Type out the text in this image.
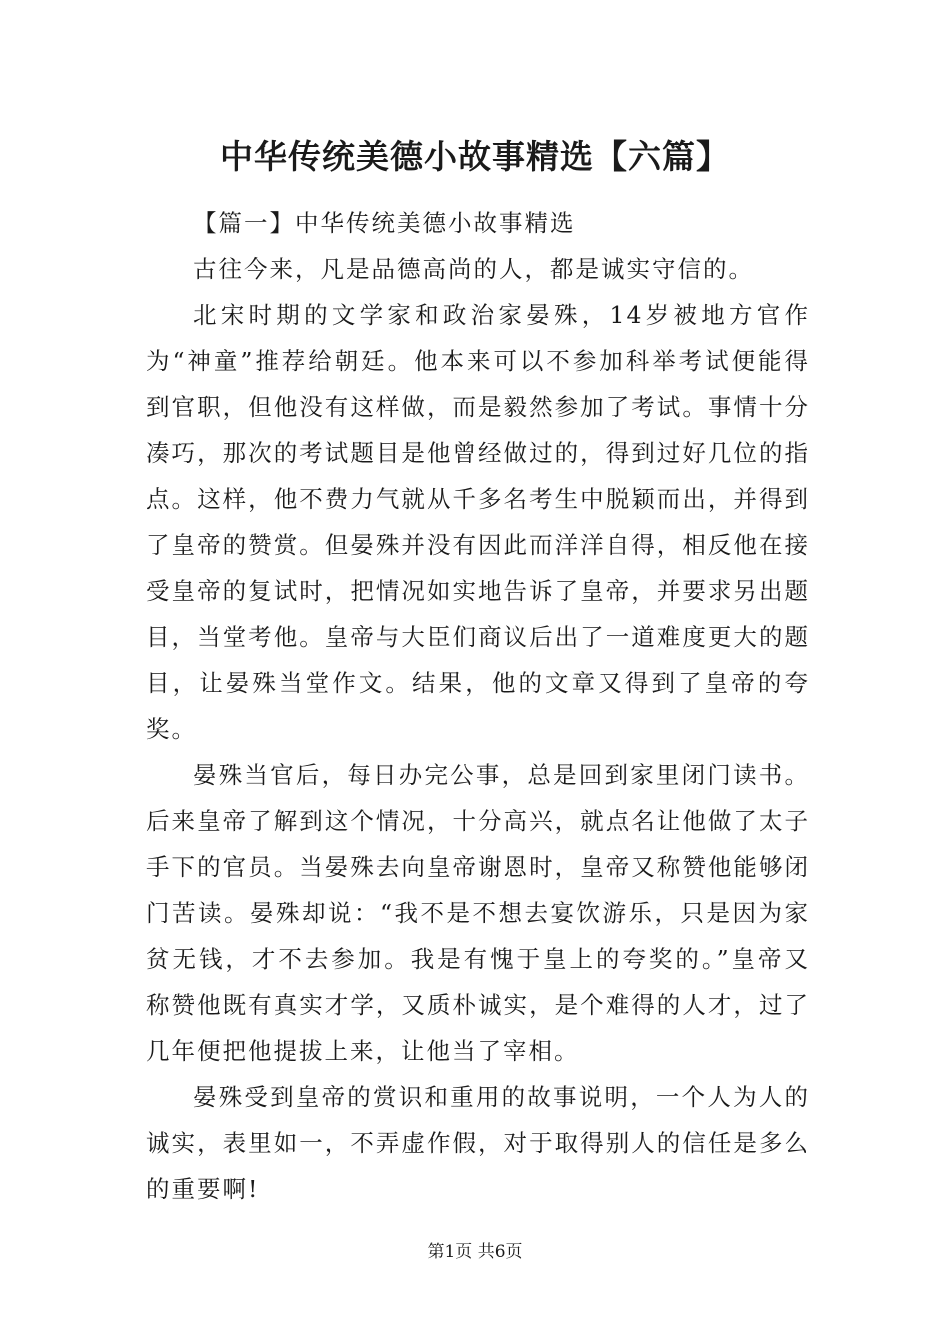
中华传统美德小故事精选【六篇】

【篇一】中华传统美德小故事精选

古往今来，凡是品德高尚的人，都是诚实守信的。

北宋时期的文学家和政治家晏殊，14岁被地方官作为“神童”推荐给朝廷。他本来可以不参加科举考试便能得到官职，但他没有这样做，而是毅然参加了考试。事情十分凑巧，那次的考试题目是他曾经做过的，得到过好几位的指点。这样，他不费力气就从千多名考生中脱颖而出，并得到了皇帝的赞赏。但晏殊并没有因此而洋洋自得，相反他在接受皇帝的复试时，把情况如实地告诉了皇帝，并要求另出题目，当堂考他。皇帝与大臣们商议后出了一道难度更大的题目，让晏殊当堂作文。结果，他的文章又得到了皇帝的夸奖。

晏殊当官后，每日办完公事，总是回到家里闭门读书。后来皇帝了解到这个情况，十分高兴，就点名让他做了太子手下的官员。当晏殊去向皇帝谢恩时，皇帝又称赞他能够闭门苦读。晏殊却说：“我不是不想去宴饮游乐，只是因为家贫无钱，才不去参加。我是有愧于皇上的夸奖的。”皇帝又称赞他既有真实才学，又质朴诚实，是个难得的人才，过了几年便把他提拔上来，让他当了宰相。

晏殊受到皇帝的赏识和重用的故事说明，一个人为人的诚实，表里如一，不弄虚作假，对于取得别人的信任是多么的重要啊!

第1页 共6页
